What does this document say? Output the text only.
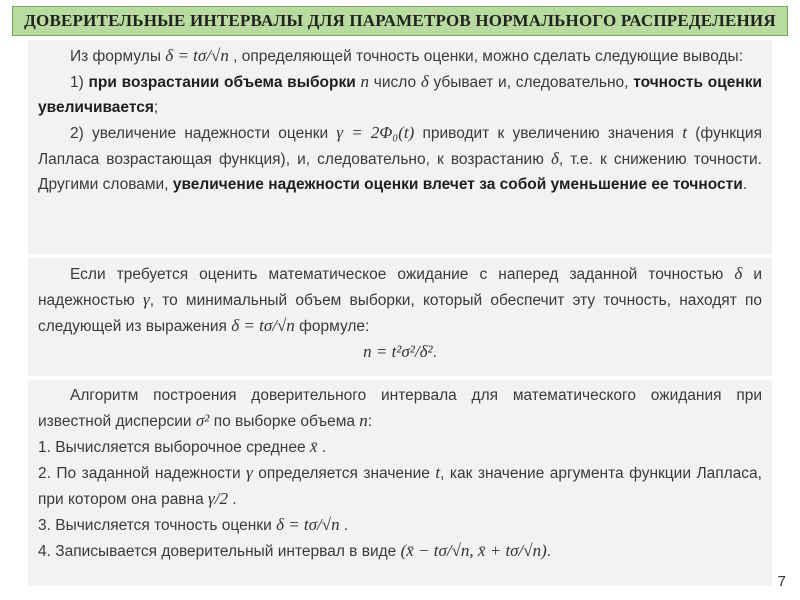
ДОВЕРИТЕЛЬНЫЕ ИНТЕРВАЛЫ ДЛЯ ПАРАМЕТРОВ НОРМАЛЬНОГО РАСПРЕДЕЛЕНИЯ

Из формулы δ = tσ/√n , определяющей точность оценки, можно сделать следующие выводы:

1) при возрастании объема выборки n число δ убывает и, следовательно, точность оценки увеличивается;

2) увеличение надежности оценки γ = 2Φ₀(t) приводит к увеличению значения t (функция Лапласа возрастающая функция), и, следовательно, к возрастанию δ, т.е. к снижению точности. Другими словами, увеличение надежности оценки влечет за собой уменьшение ее точности.

Если требуется оценить математическое ожидание с наперед заданной точностью δ и надежностью γ, то минимальный объем выборки, который обеспечит эту точность, находят по следующей из выражения δ = tσ/√n формуле:

n = t²σ²/δ².

Алгоритм построения доверительного интервала для математического ожидания при известной дисперсии σ² по выборке объема n:

1. Вычисляется выборочное среднее x̄ .

2. По заданной надежности γ определяется значение t, как значение аргумента функции Лапласа, при котором она равна γ/2 .

3. Вычисляется точность оценки δ = tσ/√n .

4. Записывается доверительный интервал в виде (x̄ − tσ/√n, x̄ + tσ/√n).

7
